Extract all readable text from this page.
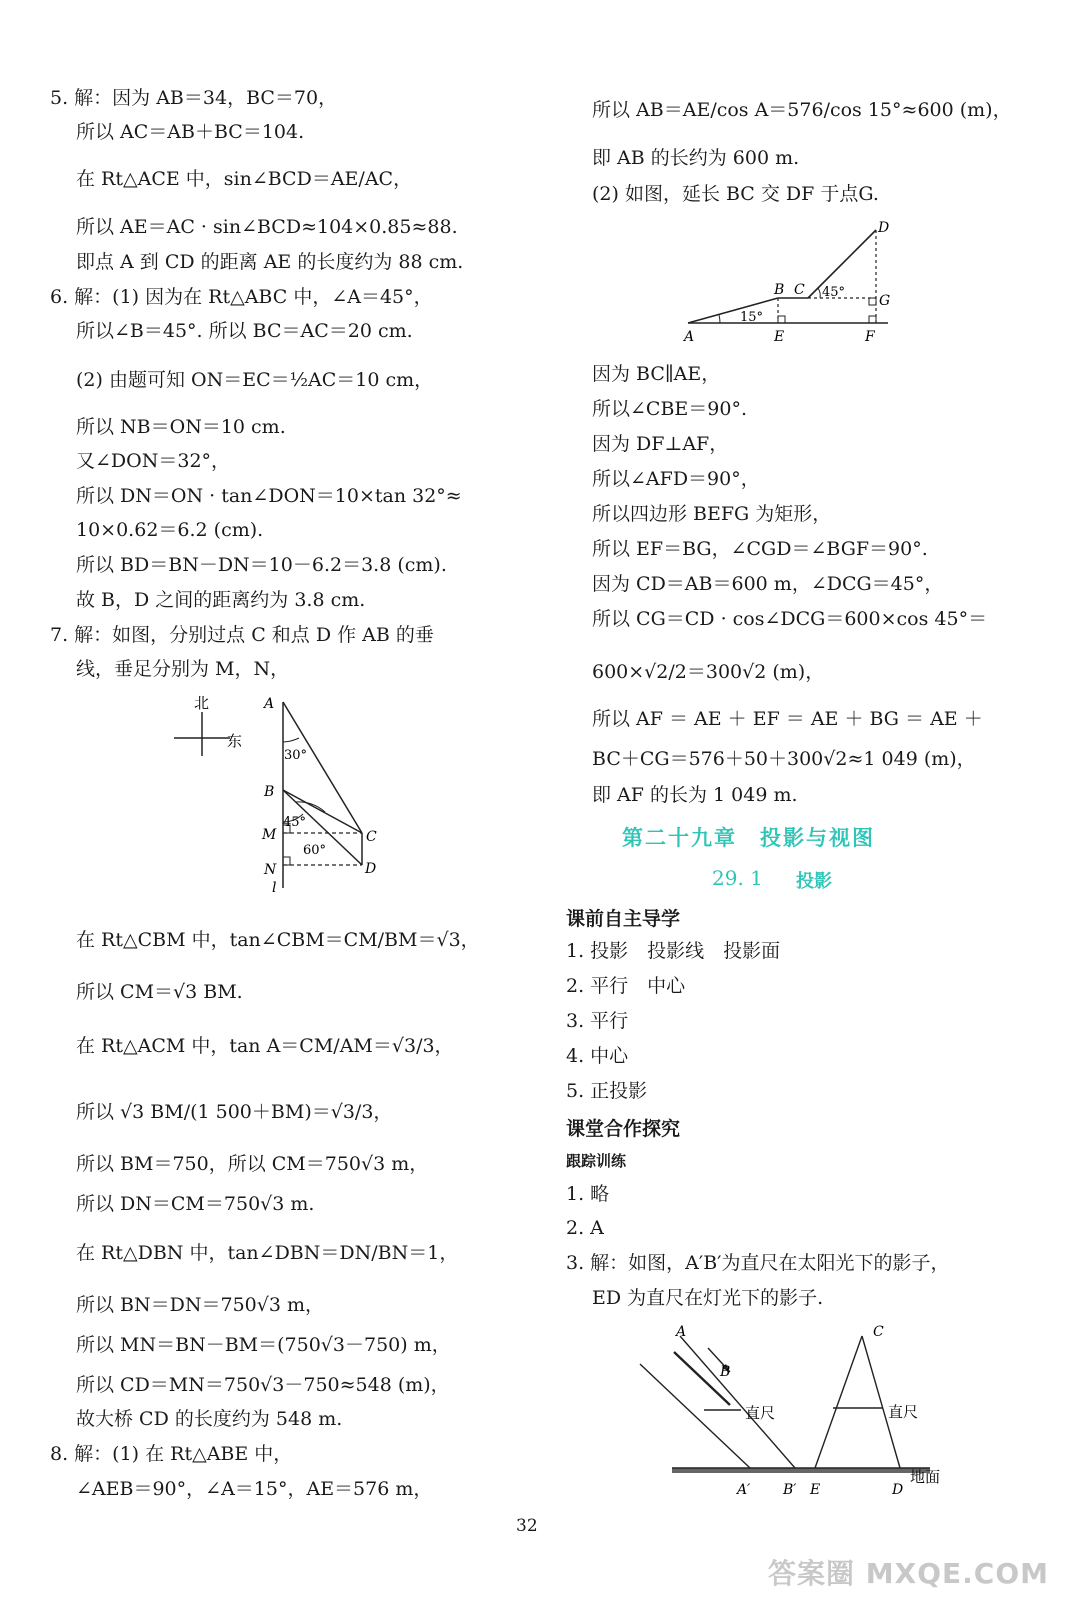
5. 解：因为 AB＝34，BC＝70，
所以 AC＝AB＋BC＝104.
在 Rt△ACE 中，sin∠BCD＝AE/AC，
所以 AE＝AC · sin∠BCD≈104×0.85≈88.
即点 A 到 CD 的距离 AE 的长度约为 88 cm.
6. 解：(1) 因为在 Rt△ABC 中，∠A＝45°，
所以∠B＝45°. 所以 BC＝AC＝20 cm.
(2) 由题可知 ON＝EC＝½AC＝10 cm，
所以 NB＝ON＝10 cm.
又∠DON＝32°，
所以 DN＝ON · tan∠DON＝10×tan 32°≈
10×0.62＝6.2 (cm).
所以 BD＝BN－DN＝10－6.2＝3.8 (cm).
故 B，D 之间的距离约为 3.8 cm.
7. 解：如图，分别过点 C 和点 D 作 AB 的垂
线，垂足分别为 M，N，
北
东
A
B
M
N
l
C
D
30°
45°
60°
在 Rt△CBM 中，tan∠CBM＝CM/BM＝√3，
所以 CM＝√3 BM.
在 Rt△ACM 中，tan A＝CM/AM＝√3/3，
所以 √3 BM/(1 500＋BM)＝√3/3，
所以 BM＝750，所以 CM＝750√3 m，
所以 DN＝CM＝750√3 m.
在 Rt△DBN 中，tan∠DBN＝DN/BN＝1，
所以 BN＝DN＝750√3 m，
所以 MN＝BN－BM＝(750√3－750) m，
所以 CD＝MN＝750√3－750≈548 (m)，
故大桥 CD 的长度约为 548 m.
8. 解：(1) 在 Rt△ABE 中，
∠AEB＝90°，∠A＝15°，AE＝576 m，
所以 AB＝AE/cos A＝576/cos 15°≈600 (m)，
即 AB 的长约为 600 m.
(2) 如图，延长 BC 交 DF 于点G.
A
B C
D
E	F
G
15°
45°
因为 BC∥AE，
所以∠CBE＝90°.
因为 DF⊥AF，
所以∠AFD＝90°，
所以四边形 BEFG 为矩形，
所以 EF＝BG，∠CGD＝∠BGF＝90°.
因为 CD＝AB＝600 m，∠DCG＝45°，
所以 CG＝CD · cos∠DCG＝600×cos 45°＝
600×√2/2＝300√2 (m)，
所以 AF ＝ AE ＋ EF ＝ AE ＋ BG ＝ AE ＋
BC＋CG＝576＋50＋300√2≈1 049 (m)，
即 AF 的长为 1 049 m.
第二十九章　投影与视图
29. 1 投影
课前自主导学
1. 投影　投影线　投影面
2. 平行　中心
3. 平行
4. 中心
5. 正投影
课堂合作探究
跟踪训练
1. 略
2. A
3. 解：如图，A′B′为直尺在太阳光下的影子，
ED 为直尺在灯光下的影子.
A
B
C
直尺	直尺
地面
A′ B′ E	D
32
答案圈 MXQE.COM
